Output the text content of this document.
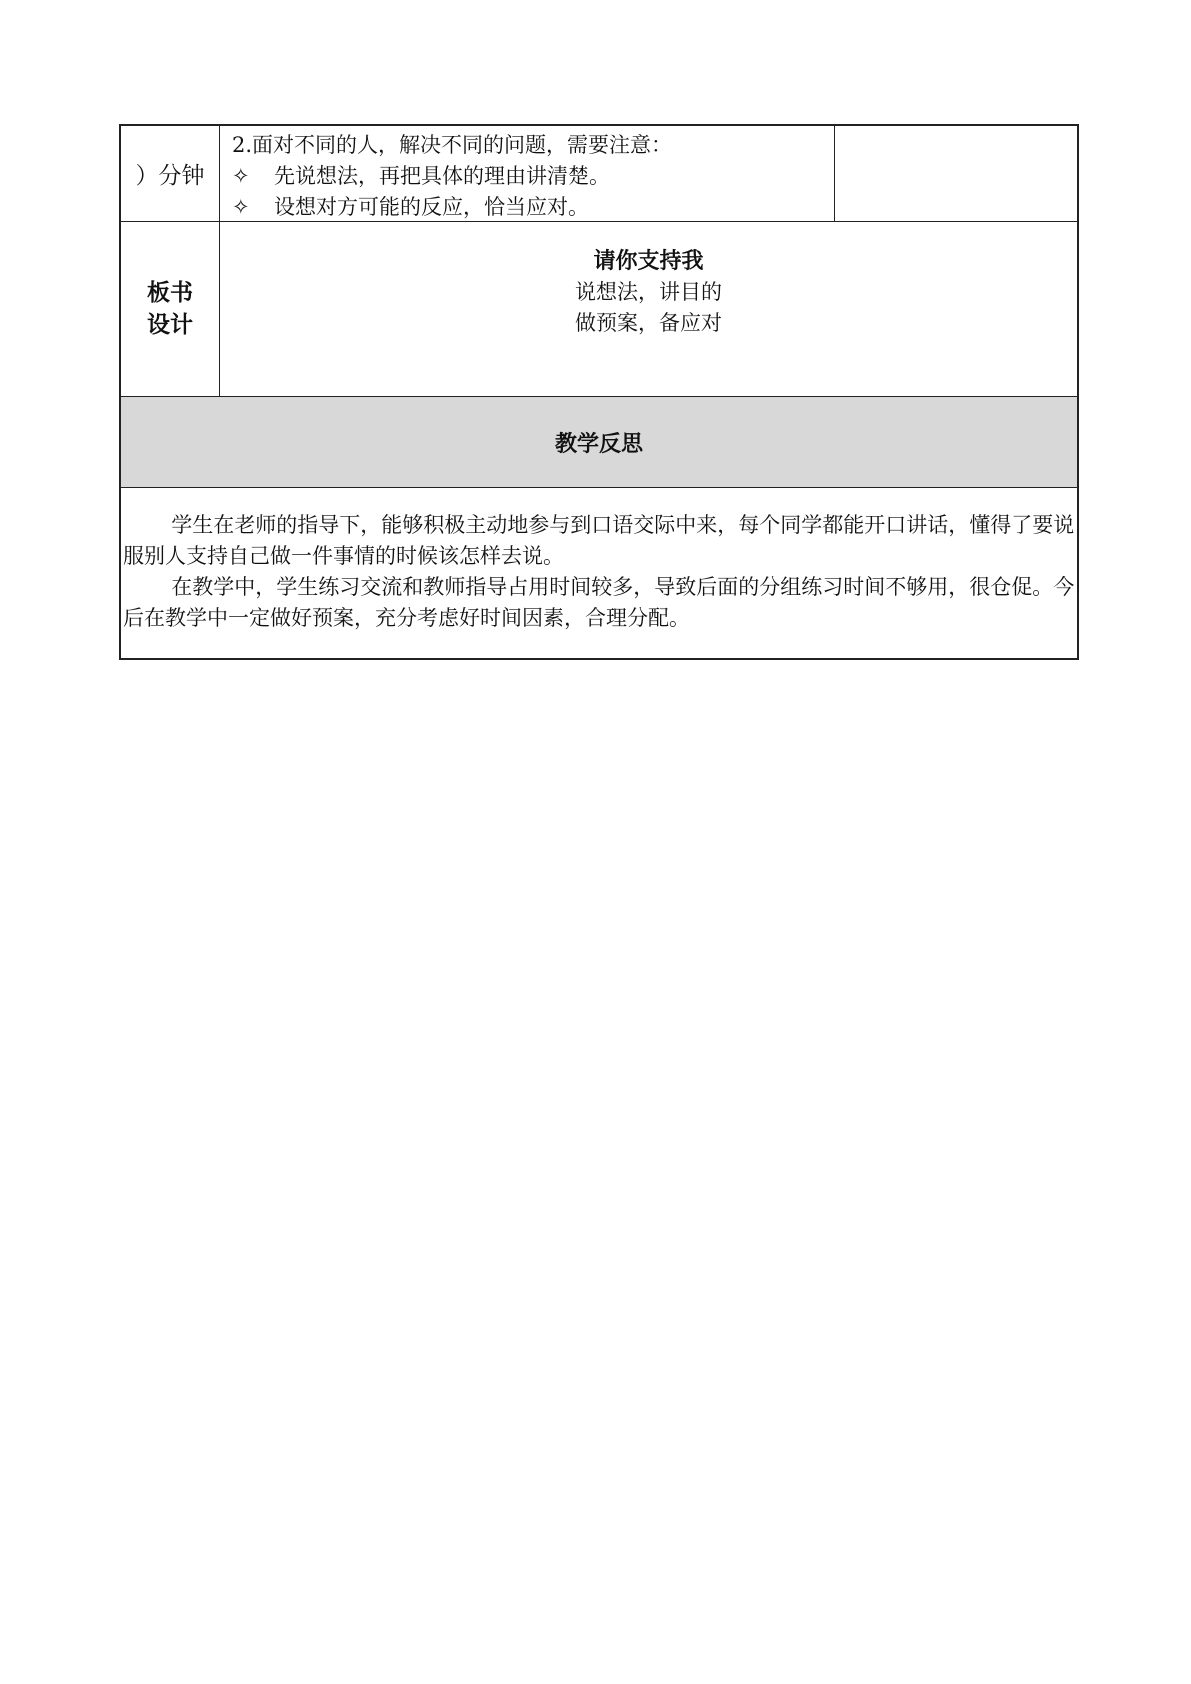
）分钟
2.面对不同的人，解决不同的问题，需要注意：
✧ 先说想法，再把具体的理由讲清楚。
✧ 设想对方可能的反应，恰当应对。
板书
设计
请你支持我
说想法，讲目的
做预案，备应对
教学反思

学生在老师的指导下，能够积极主动地参与到口语交际中来，每个同学都能开口讲话，懂得了要说服别人支持自己做一件事情的时候该怎样去说。

在教学中，学生练习交流和教师指导占用时间较多，导致后面的分组练习时间不够用，很仓促。今后在教学中一定做好预案，充分考虑好时间因素，合理分配。
